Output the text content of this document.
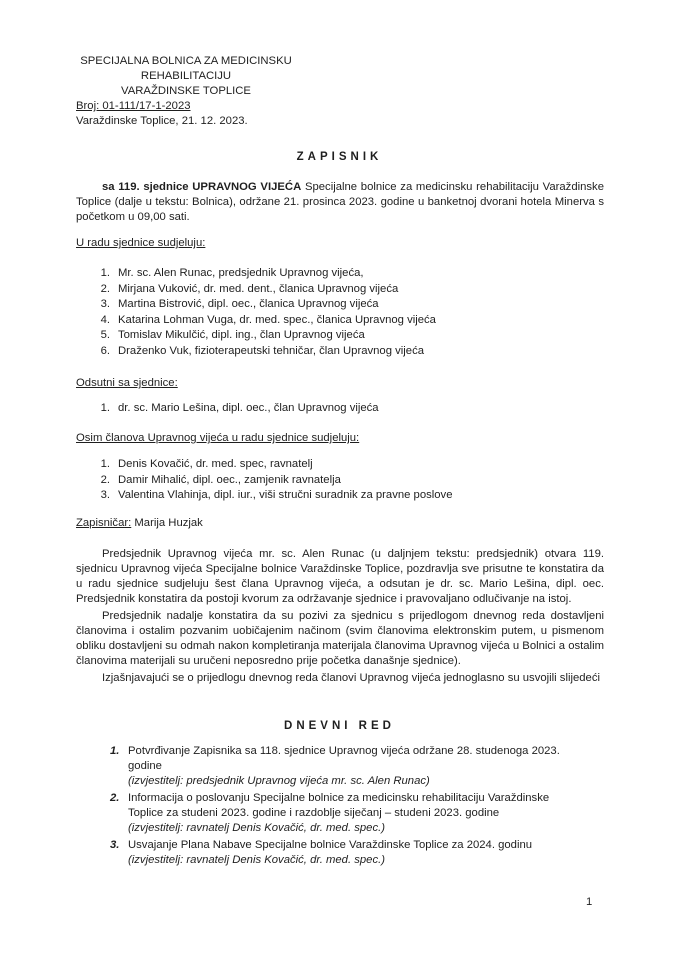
SPECIJALNA BOLNICA ZA MEDICINSKU
REHABILITACIJU
VARAŽDINSKE TOPLICE
Broj: 01-111/17-1-2023
Varaždinske Toplice, 21. 12. 2023.
ZAPISNIK
sa 119. sjednice UPRAVNOG VIJEĆA Specijalne bolnice za medicinsku rehabilitaciju Varaždinske Toplice (dalje u tekstu: Bolnica), održane 21. prosinca 2023. godine u banketnoj dvorani hotela Minerva s početkom u 09,00 sati.
U radu sjednice sudjeluju:
1. Mr. sc. Alen Runac, predsjednik Upravnog vijeća,
2. Mirjana Vuković, dr. med. dent., članica Upravnog vijeća
3. Martina Bistrović, dipl. oec., članica Upravnog vijeća
4. Katarina Lohman Vuga, dr. med. spec., članica Upravnog vijeća
5. Tomislav Mikulčić, dipl. ing., član Upravnog vijeća
6. Draženko Vuk, fizioterapeutski tehničar, član Upravnog vijeća
Odsutni sa sjednice:
1. dr. sc. Mario Lešina, dipl. oec., član Upravnog vijeća
Osim članova Upravnog vijeća u radu sjednice sudjeluju:
1. Denis Kovačić, dr. med. spec, ravnatelj
2. Damir Mihalić, dipl. oec., zamjenik ravnatelja
3. Valentina Vlahinja, dipl. iur., viši stručni suradnik za pravne poslove
Zapisničar: Marija Huzjak
Predsjednik Upravnog vijeća mr. sc. Alen Runac (u daljnjem tekstu: predsjednik) otvara 119. sjednicu Upravnog vijeća Specijalne bolnice Varaždinske Toplice, pozdravlja sve prisutne te konstatira da u radu sjednice sudjeluju šest člana Upravnog vijeća, a odsutan je dr. sc. Mario Lešina, dipl. oec. Predsjednik konstatira da postoji kvorum za održavanje sjednice i pravovaljano odlučivanje na istoj.
Predsjednik nadalje konstatira da su pozivi za sjednicu s prijedlogom dnevnog reda dostavljeni članovima i ostalim pozvanim uobičajenim načinom (svim članovima elektronskim putem, u pismenom obliku dostavljeni su odmah nakon kompletiranja materijala članovima Upravnog vijeća u Bolnici a ostalim članovima materijali su uručeni neposredno prije početka današnje sjednice).
Izjašnjavajući se o prijedlogu dnevnog reda članovi Upravnog vijeća jednoglasno su usvojili slijedeći
DNEVNI RED
1. Potvrđivanje Zapisnika sa 118. sjednice Upravnog vijeća održane 28. studenoga 2023. godine
(izvjestitelj: predsjednik Upravnog vijeća mr. sc. Alen Runac)
2. Informacija o poslovanju Specijalne bolnice za medicinsku rehabilitaciju Varaždinske Toplice za studeni 2023. godine i razdoblje siječanj – studeni 2023. godine
(izvjestitelj: ravnatelj Denis Kovačić, dr. med. spec.)
3. Usvajanje Plana Nabave Specijalne bolnice Varaždinske Toplice za 2024. godinu
(izvjestitelj: ravnatelj Denis Kovačić, dr. med. spec.)
1
